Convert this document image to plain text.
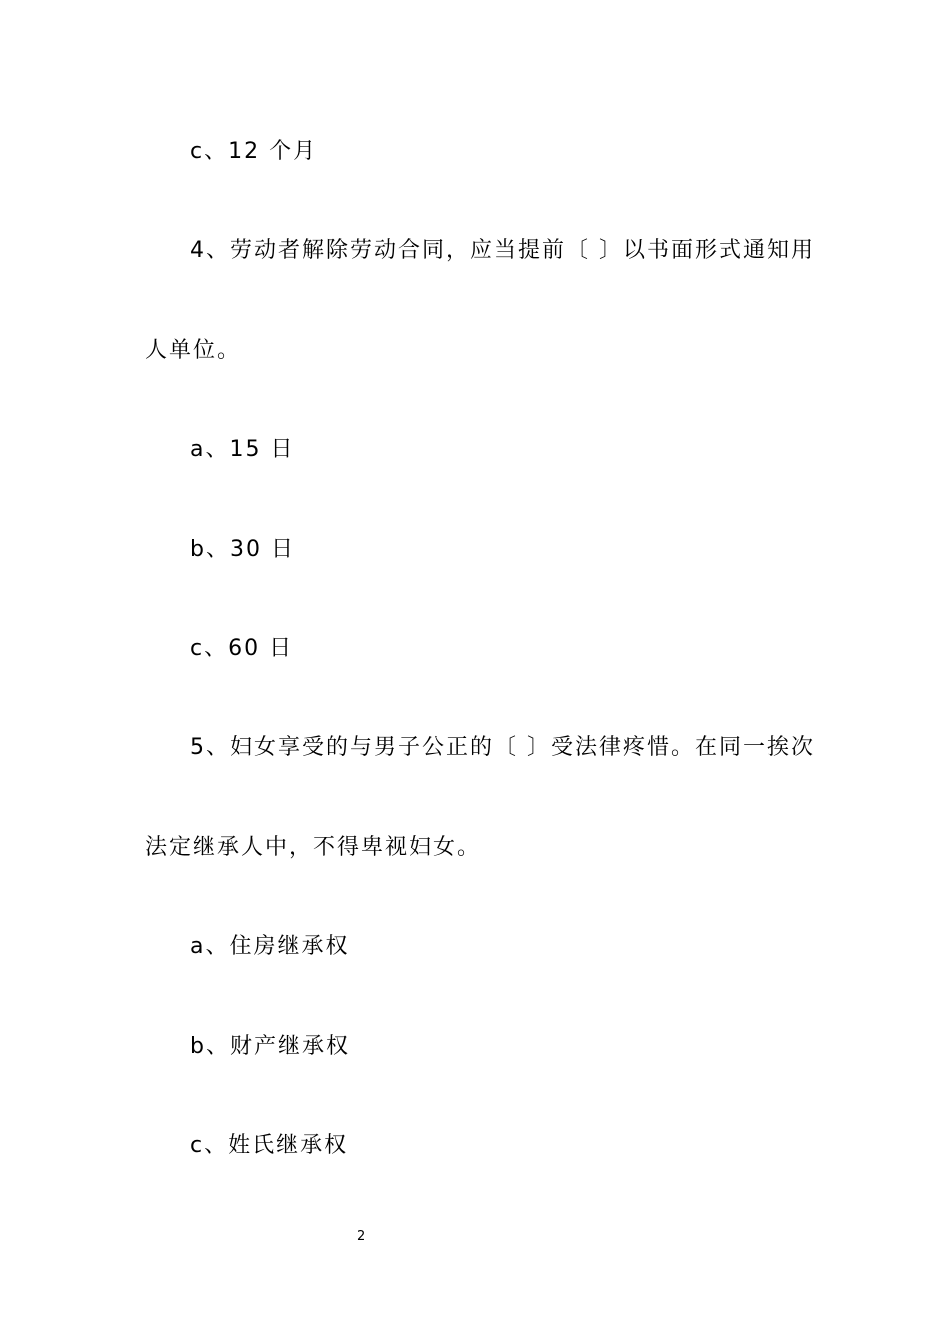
c、12 个月
4、劳动者解除劳动合同，应当提前〔 〕以书面形式通知用
人单位。
a、15 日
b、30 日
c、60 日
5、妇女享受的与男子公正的〔 〕受法律疼惜。在同一挨次
法定继承人中，不得卑视妇女。
a、住房继承权
b、财产继承权
c、姓氏继承权
2
